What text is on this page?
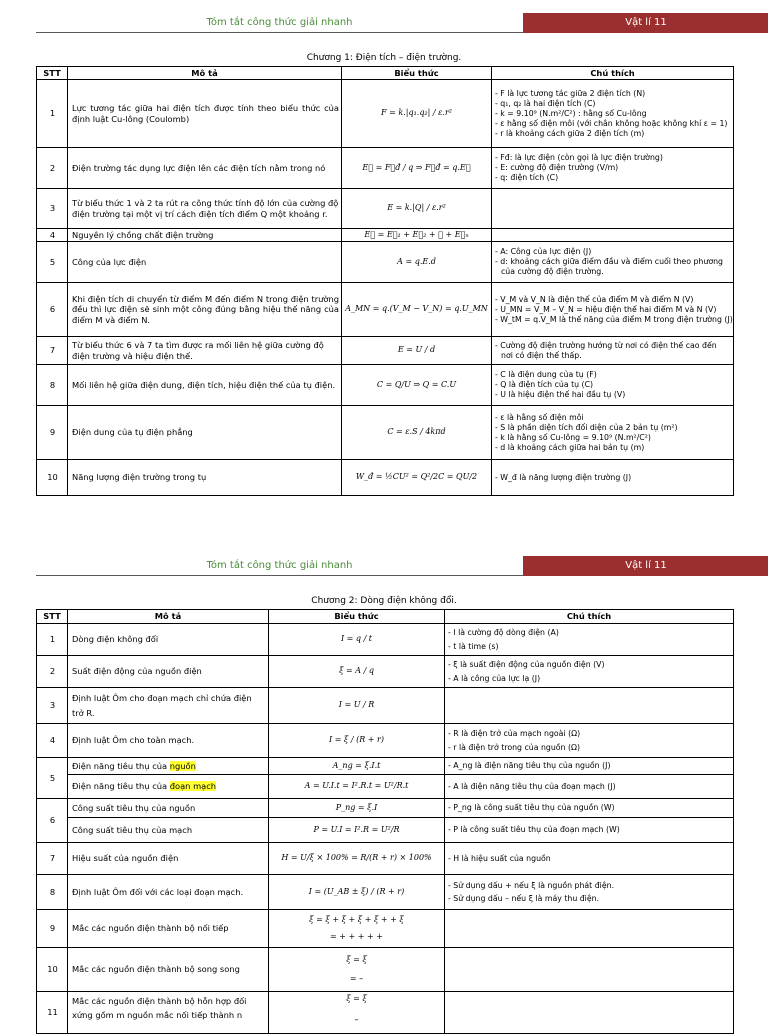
Tóm tắt công thức giải nhanh	Vật lí 11
Chương 1: Điện tích – điện trường.
STT	Mô tả	Biểu thức	Chú thích
1	Lực tương tác giữa hai điện tích được tính theo biểu thức của định luật Cu-lông (Coulomb)	F = k.|q₁.q₂| / ε.r²	- F là lực tương tác giữa 2 điện tích (N)
- q₁, q₂ là hai điện tích (C)
- k = 9.10⁹ (N.m²/C²) : hằng số Cu-lông
- ε hằng số điện môi (với chân không hoặc không khí ε = 1)
- r là khoảng cách giữa 2 điện tích (m)

2	Điện trường tác dụng lực điện lên các điện tích nằm trong nó	E⃗ = F⃗đ / q ⇒ F⃗đ = q.E⃗	- Fđ: là lực điện (còn gọi là lực điện trường)
- E: cường độ điện trường (V/m)
- q: điện tích (C)

3	Từ biểu thức 1 và 2 ta rút ra công thức tính độ lớn của cường độ điện trường tại một vị trí cách điện tích điểm Q một khoảng r.	E = k.|Q| / ε.r²	
4	Nguyên lý chồng chất điện trường	E⃗ = E⃗₁ + E⃗₂ + ⋯ + E⃗ₙ	
5	Công của lực điện	A = q.E.d	- A: Công của lực điện (J)
- d: khoảng cách giữa điểm đầu và điểm cuối theo phương
của cường độ điện trường.

6	Khi điện tích di chuyển từ điểm M đến điểm N trong điện trường đều thì lực điện sẽ sinh một công đúng bằng hiệu thế năng của điểm M và điểm N.	A_MN = q.(V_M − V_N) = q.U_MN	- V_M và V_N là điện thế của điểm M và điểm N (V)
- U_MN = V_M – V_N = hiệu điện thế hai điểm M và N (V)
- W_tM = q.V_M là thế năng của điểm M trong điện trường (J)

7	Từ biểu thức 6 và 7 ta tìm được ra mối liên hệ giữa cường độ điện trường và hiệu điện thế.	E = U / d	- Cường độ điện trường hướng từ nơi có điện thế cao đến
nơi có điện thế thấp.

8	Mối liên hệ giữa điện dung, điện tích, hiệu điện thế của tụ điện.	C = Q/U ⇒ Q = C.U	- C là điện dung của tụ (F)
- Q là điện tích của tụ (C)
- U là hiệu điện thế hai đầu tụ (V)

9	Điện dung của tụ điện phẳng	C = ε.S / 4kπd	- ε là hằng số điện môi
- S là phần diện tích đối diện của 2 bản tụ (m²)
- k là hằng số Cu-lông = 9.10⁹ (N.m²/C²)
- d là khoảng cách giữa hai bản tụ (m)

10	Năng lượng điện trường trong tụ	W_đ = ½CU² = Q²/2C = QU/2	- W_đ là năng lượng điện trường (J)
Tóm tắt công thức giải nhanh	Vật lí 11
Chương 2: Dòng điện không đổi.
STT	Mô tả	Biểu thức	Chú thích
1	Dòng điện không đổi	I = q / t	- I là cường độ dòng điện (A)
- t là time (s)

2	Suất điện động của nguồn điện	ξ = A / q	- ξ là suất điện động của nguồn điện (V)
- A là công của lực lạ (J)

3	Định luật Ôm cho đoạn mạch chỉ chứa điện trở R.	I = U / R	
4	Định luật Ôm cho toàn mạch.	I = ξ / (R + r)	- R là điện trở của mạch ngoài (Ω)
- r là điện trở trong của nguồn (Ω)

5	Điện năng tiêu thụ của nguồn	A_ng = ξ.I.t	- A_ng là điện năng tiêu thụ của nguồn (J)
	Điện năng tiêu thụ của đoạn mạch	A = U.I.t = I².R.t = U²/R.t	- A là điện năng tiêu thụ của đoạn mạch (J)
6	Công suất tiêu thụ của nguồn	P_ng = ξ.I	- P_ng là công suất tiêu thụ của nguồn (W)
	Công suất tiêu thụ của mạch	P = U.I = I².R = U²/R	- P là công suất tiêu thụ của đoạn mạch (W)
7	Hiệu suất của nguồn điện	H = U/ξ × 100% = R/(R + r) × 100%	- H là hiệu suất của nguồn

8	Định luật Ôm đối với các loại đoạn mạch.	I = (U_AB ± ξ) / (R + r)	- Sử dụng dấu + nếu ξ là nguồn phát điện.
- Sử dụng dấu – nếu ξ là máy thu điện.

9	Mắc các nguồn điện thành bộ nối tiếp	ξ = ξ + ξ + ξ + ξ + + ξ
= + + + + +	

10	Mắc các nguồn điện thành bộ song song	ξ = ξ
= –	

11	Mắc các nguồn điện thành bộ hỗn hợp đối xứng gồm m nguồn mắc nối tiếp thành n	ξ = ξ
–	
